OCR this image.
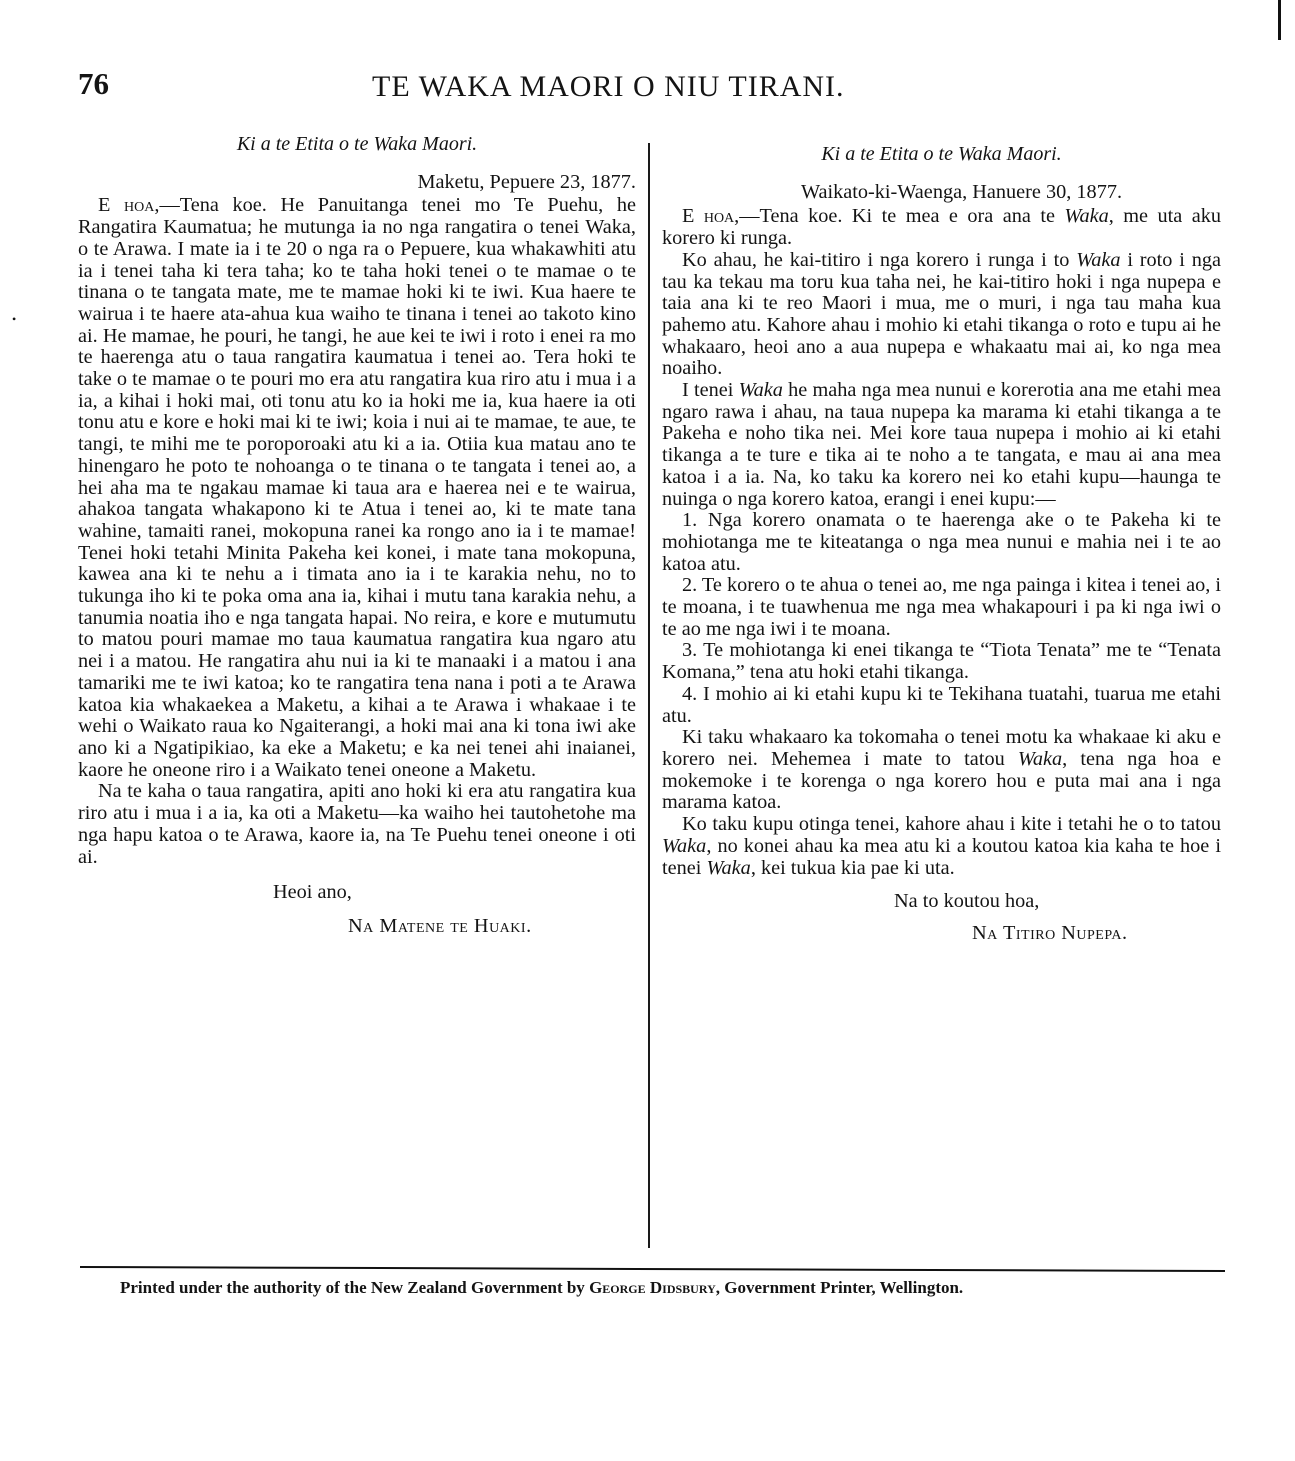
•
76	TE WAKA MAORI O NIU TIRANI.
Ki a te Etita o te Waka Maori.
Maketu, Pepuere 23, 1877.

E hoa,—Tena koe. He Panuitanga tenei mo Te Puehu, he Rangatira Kaumatua; he mutunga ia no nga rangatira o tenei Waka, o te Arawa. I mate ia i te 20 o nga ra o Pepuere, kua whakawhiti atu ia i tenei taha ki tera taha; ko te taha hoki tenei o te mamae o te tinana o te tangata mate, me te mamae hoki ki te iwi. Kua haere te wairua i te haere ata-ahua kua waiho te tinana i tenei ao takoto kino ai. He mamae, he pouri, he tangi, he aue kei te iwi i roto i enei ra mo te haerenga atu o taua rangatira kaumatua i tenei ao. Tera hoki te take o te mamae o te pouri mo era atu rangatira kua riro atu i mua i a ia, a kihai i hoki mai, oti tonu atu ko ia hoki me ia, kua haere ia oti tonu atu e kore e hoki mai ki te iwi; koia i nui ai te mamae, te aue, te tangi, te mihi me te poroporoaki atu ki a ia. Otiia kua matau ano te hinengaro he poto te nohoanga o te tinana o te tangata i tenei ao, a hei aha ma te ngakau mamae ki taua ara e haerea nei e te wairua, ahakoa tangata whakapono ki te Atua i tenei ao, ki te mate tana wahine, tamaiti ranei, mokopuna ranei ka rongo ano ia i te mamae! Tenei hoki tetahi Minita Pakeha kei konei, i mate tana mokopuna, kawea ana ki te nehu a i timata ano ia i te karakia nehu, no to tukunga iho ki te poka oma ana ia, kihai i mutu tana karakia nehu, a tanumia noatia iho e nga tangata hapai. No reira, e kore e mutumutu to matou pouri mamae mo taua kaumatua rangatira kua ngaro atu nei i a matou. He rangatira ahu nui ia ki te manaaki i a matou i ana tamariki me te iwi katoa; ko te rangatira tena nana i poti a te Arawa katoa kia whakaekea a Maketu, a kihai a te Arawa i whakaae i te wehi o Waikato raua ko Ngaiterangi, a hoki mai ana ki tona iwi ake ano ki a Ngatipikiao, ka eke a Maketu; e ka nei tenei ahi inaianei, kaore he oneone riro i a Waikato tenei oneone a Maketu.

Na te kaha o taua rangatira, apiti ano hoki ki era atu rangatira kua riro atu i mua i a ia, ka oti a Maketu—ka waiho hei tautohetohe ma nga hapu katoa o te Arawa, kaore ia, na Te Puehu tenei oneone i oti ai.

Heoi ano,
Na Matene te Huaki.
Ki a te Etita o te Waka Maori.
Waikato-ki-Waenga, Hanuere 30, 1877.

E hoa,—Tena koe. Ki te mea e ora ana te Waka, me uta aku korero ki runga.

Ko ahau, he kai-titiro i nga korero i runga i to Waka i roto i nga tau ka tekau ma toru kua taha nei, he kai-titiro hoki i nga nupepa e taia ana ki te reo Maori i mua, me o muri, i nga tau maha kua pahemo atu. Kahore ahau i mohio ki etahi tikanga o roto e tupu ai he whakaaro, heoi ano a aua nupepa e whakaatu mai ai, ko nga mea noaiho.

I tenei Waka he maha nga mea nunui e korerotia ana me etahi mea ngaro rawa i ahau, na taua nupepa ka marama ki etahi tikanga a te Pakeha e noho tika nei. Mei kore taua nupepa i mohio ai ki etahi tikanga a te ture e tika ai te noho a te tangata, e mau ai ana mea katoa i a ia. Na, ko taku ka korero nei ko etahi kupu—haunga te nuinga o nga korero katoa, erangi i enei kupu:—

1. Nga korero onamata o te haerenga ake o te Pakeha ki te mohiotanga me te kiteatanga o nga mea nunui e mahia nei i te ao katoa atu.

2. Te korero o te ahua o tenei ao, me nga painga i kitea i tenei ao, i te moana, i te tuawhenua me nga mea whakapouri i pa ki nga iwi o te ao me nga iwi i te moana.

3. Te mohiotanga ki enei tikanga te “Tiota Tenata” me te “Tenata Komana,” tena atu hoki etahi tikanga.

4. I mohio ai ki etahi kupu ki te Tekihana tuatahi, tuarua me etahi atu.

Ki taku whakaaro ka tokomaha o tenei motu ka whakaae ki aku e korero nei. Mehemea i mate to tatou Waka, tena nga hoa e mokemoke i te korenga o nga korero hou e puta mai ana i nga marama katoa.

Ko taku kupu otinga tenei, kahore ahau i kite i tetahi he o to tatou Waka, no konei ahau ka mea atu ki a koutou katoa kia kaha te hoe i tenei Waka, kei tukua kia pae ki uta.

Na to koutou hoa,
Na Titiro Nupepa.
Printed under the authority of the New Zealand Government by George Didsbury, Government Printer, Wellington.
